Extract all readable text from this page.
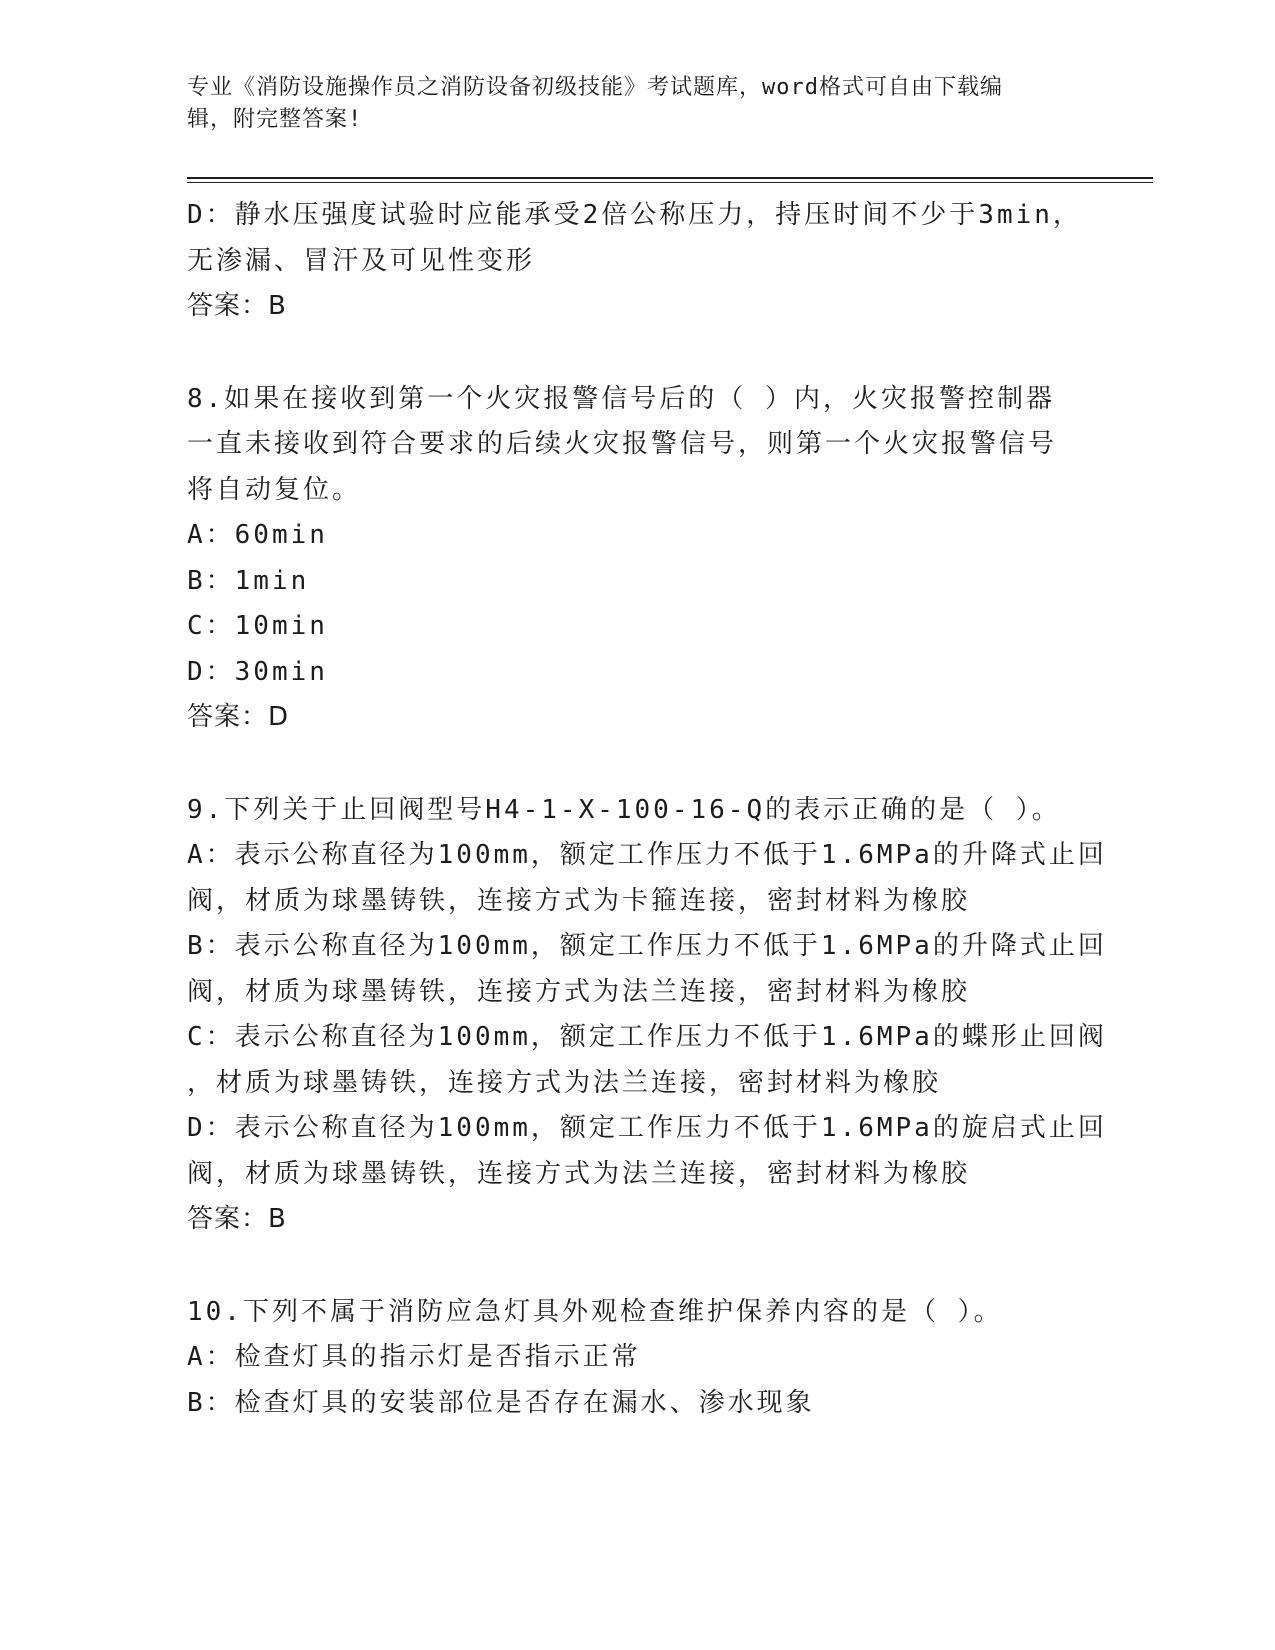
专业《消防设施操作员之消防设备初级技能》考试题库，word格式可自由下载编
辑，附完整答案!
D：静水压强度试验时应能承受2倍公称压力，持压时间不少于3min，
无渗漏、冒汗及可见性变形
答案：B
8.如果在接收到第一个火灾报警信号后的（ ）内，火灾报警控制器
一直未接收到符合要求的后续火灾报警信号，则第一个火灾报警信号
将自动复位。
A：60min
B：1min
C：10min
D：30min
答案：D
9.下列关于止回阀型号H4-1-X-100-16-Q的表示正确的是（ ）。
A：表示公称直径为100mm，额定工作压力不低于1.6MPa的升降式止回
阀，材质为球墨铸铁，连接方式为卡箍连接，密封材料为橡胶
B：表示公称直径为100mm，额定工作压力不低于1.6MPa的升降式止回
阀，材质为球墨铸铁，连接方式为法兰连接，密封材料为橡胶
C：表示公称直径为100mm，额定工作压力不低于1.6MPa的蝶形止回阀
，材质为球墨铸铁，连接方式为法兰连接，密封材料为橡胶
D：表示公称直径为100mm，额定工作压力不低于1.6MPa的旋启式止回
阀，材质为球墨铸铁，连接方式为法兰连接，密封材料为橡胶
答案：B
10.下列不属于消防应急灯具外观检查维护保养内容的是（ ）。
A：检查灯具的指示灯是否指示正常
B：检查灯具的安装部位是否存在漏水、渗水现象
